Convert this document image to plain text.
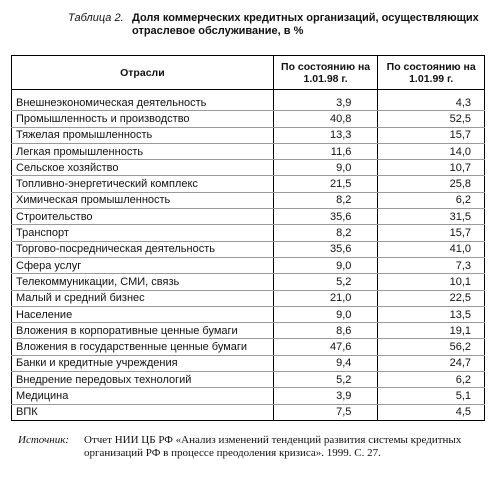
Таблица 2. Доля коммерческих кредитных организаций, осуществляющих отраслевое обслуживание, в %
Отрасли	По состоянию на 1.01.98 г.	По состоянию на 1.01.99 г.

Внешнеэкономическая деятельность	3,9	4,3
Промышленность и производство	40,8	52,5
Тяжелая промышленность	13,3	15,7
Легкая промышленность	11,6	14,0
Сельское хозяйство	9,0	10,7
Топливно-энергетический комплекс	21,5	25,8
Химическая промышленность	8,2	6,2
Строительство	35,6	31,5
Транспорт	8,2	15,7
Торгово-посредническая деятельность	35,6	41,0
Сфера услуг	9,0	7,3
Телекоммуникации, СМИ, связь	5,2	10,1
Малый и средний бизнес	21,0	22,5
Население	9,0	13,5
Вложения в корпоративные ценные бумаги	8,6	19,1
Вложения в государственные ценные бумаги	47,6	56,2
Банки и кредитные учреждения	9,4	24,7
Внедрение передовых технологий	5,2	6,2
Медицина	3,9	5,1
ВПК	7,5	4,5
Источник: Отчет НИИ ЦБ РФ «Анализ изменений тенденций развития системы кредитных организаций РФ в процессе преодоления кризиса». 1999. С. 27.
